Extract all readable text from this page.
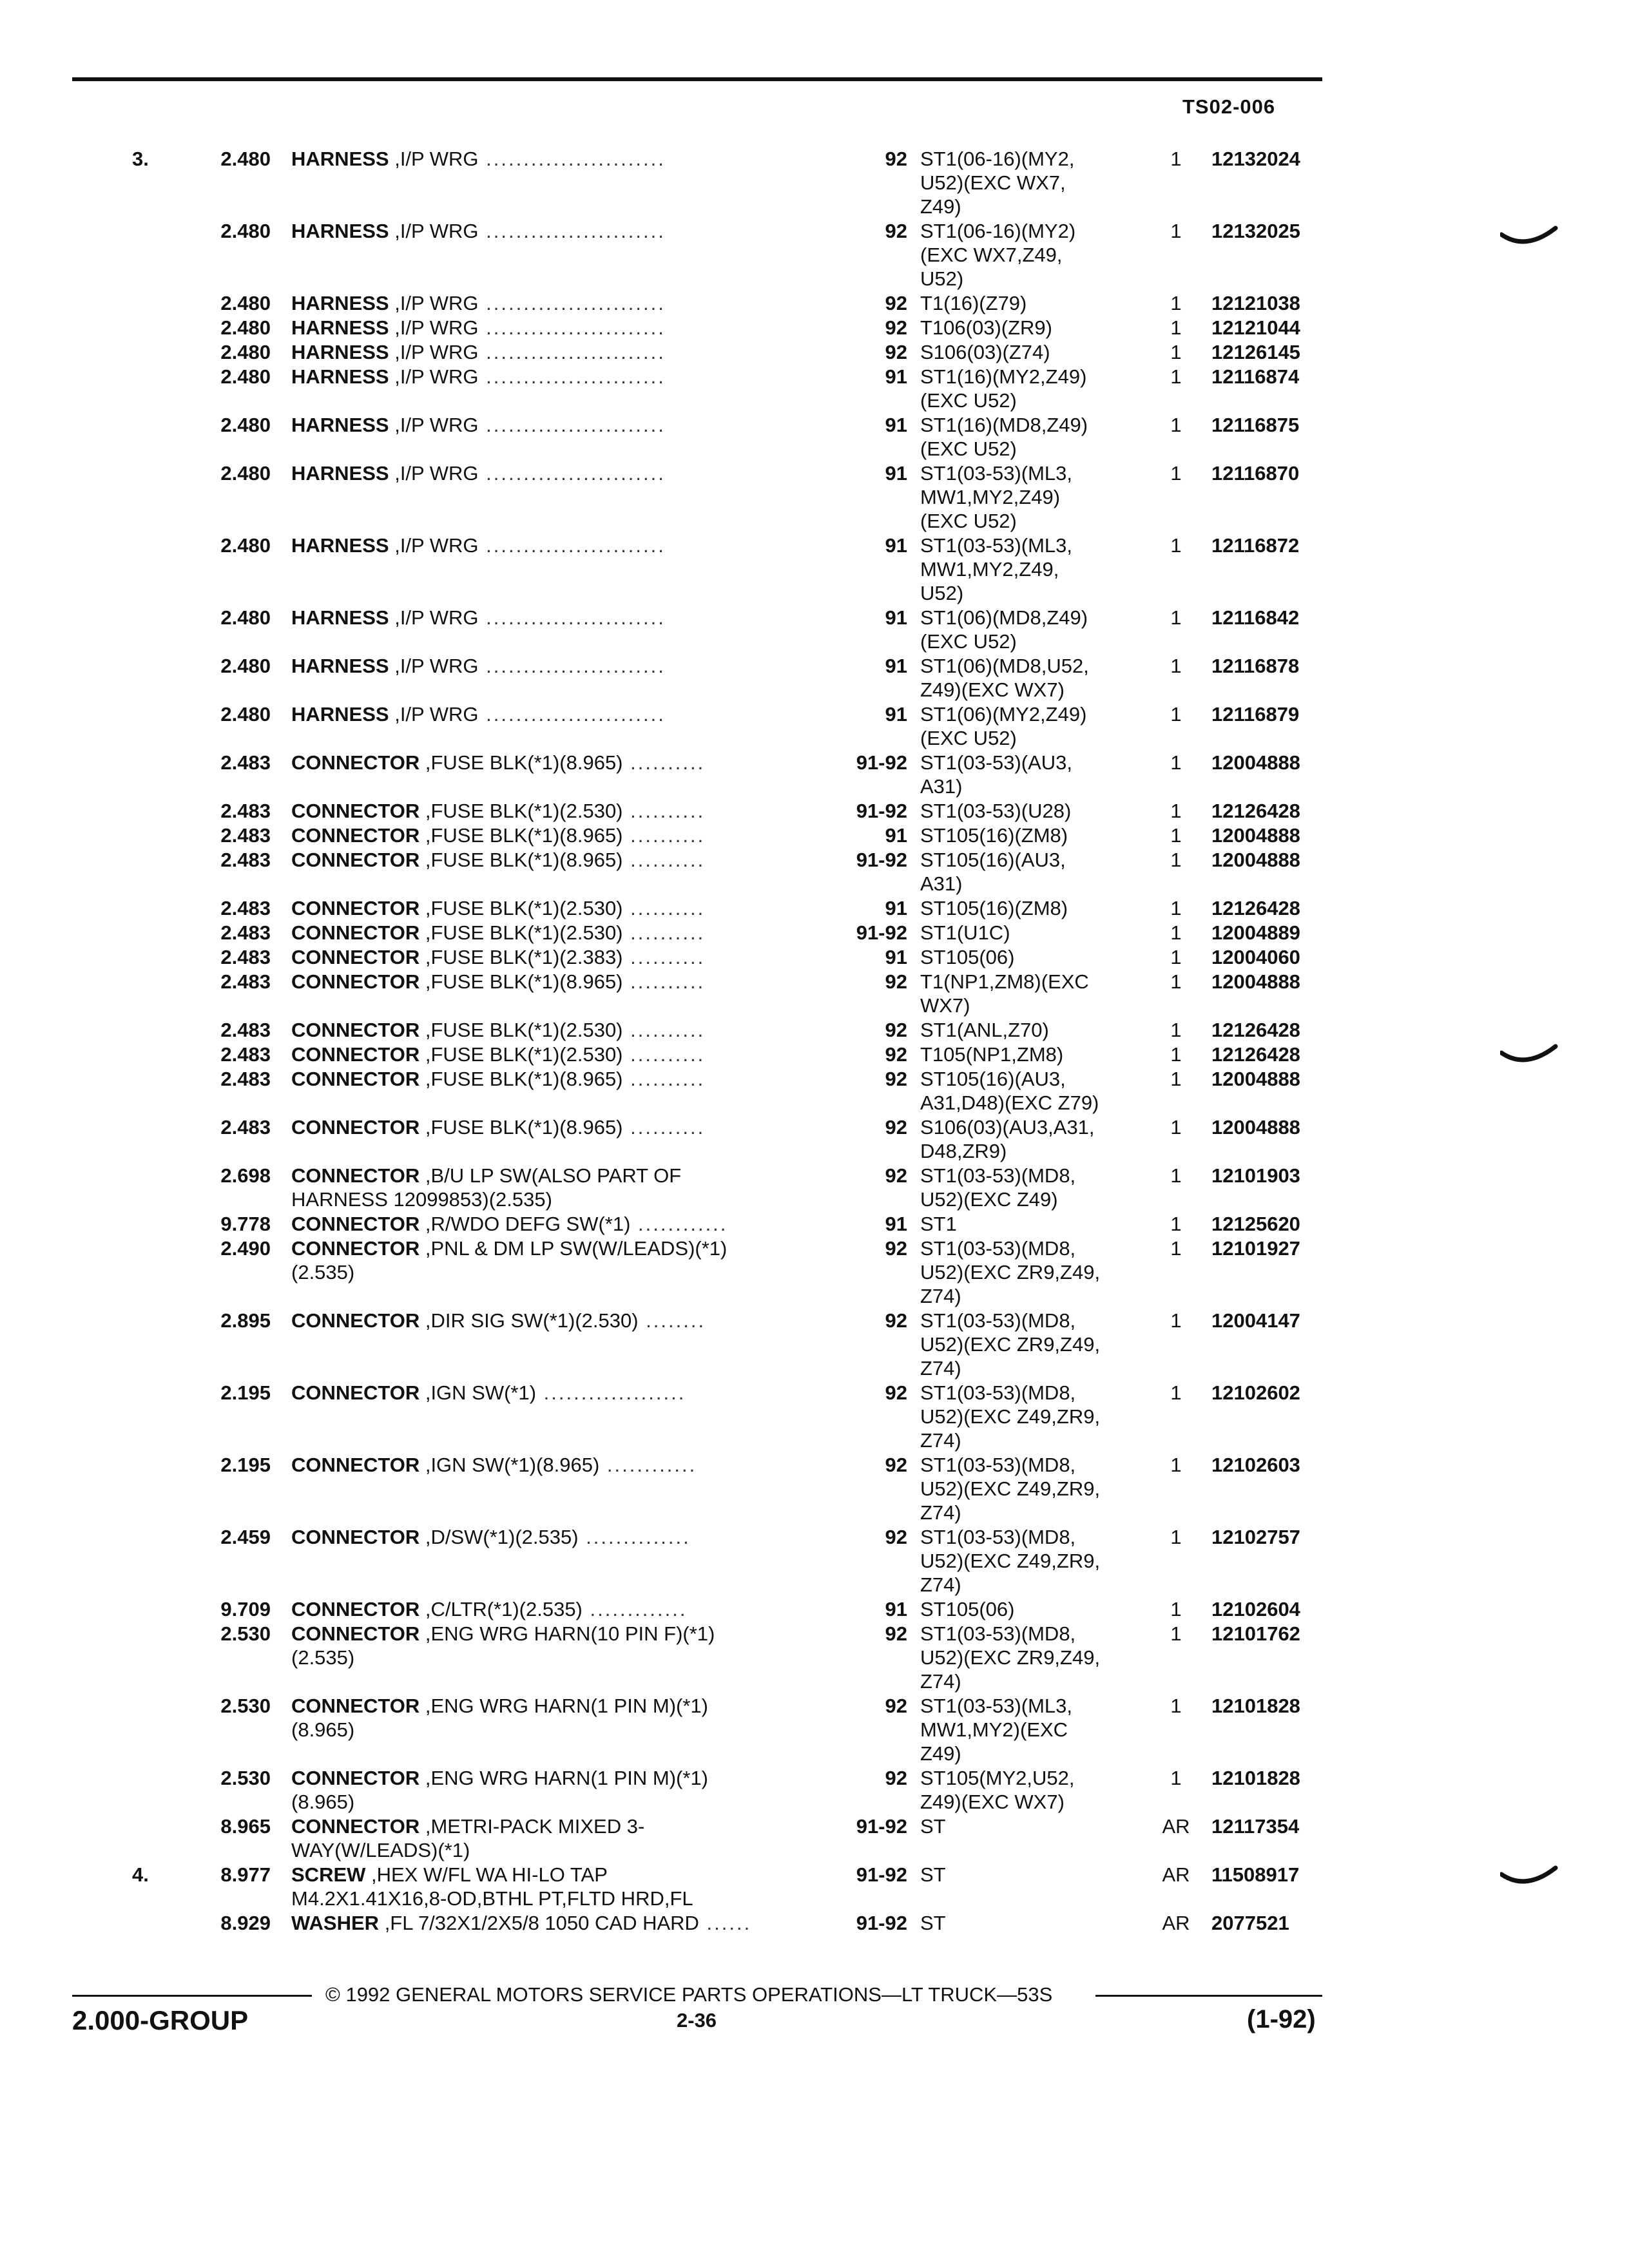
TS02-006
3.	2.480 HARNESS ,I/P WRG ........................	92 ST1(06-16)(MY2,
U52)(EXC WX7,
Z49)
1	12132024
2.480 HARNESS ,I/P WRG ........................	92 ST1(06-16)(MY2)
(EXC WX7,Z49,
U52)
1	12132025
2.480 HARNESS ,I/P WRG ........................	92 T1(16)(Z79)	1	12121038
2.480 HARNESS ,I/P WRG ........................	92 T106(03)(ZR9)	1	12121044
2.480 HARNESS ,I/P WRG ........................	92 S106(03)(Z74)	1	12126145
2.480 HARNESS ,I/P WRG ........................	91 ST1(16)(MY2,Z49)
(EXC U52)
1	12116874
2.480 HARNESS ,I/P WRG ........................	91 ST1(16)(MD8,Z49)
(EXC U52)
1	12116875
2.480 HARNESS ,I/P WRG ........................	91 ST1(03-53)(ML3,
MW1,MY2,Z49)
(EXC U52)
1	12116870
2.480 HARNESS ,I/P WRG ........................	91 ST1(03-53)(ML3,
MW1,MY2,Z49,
U52)
1	12116872
2.480 HARNESS ,I/P WRG ........................	91 ST1(06)(MD8,Z49)
(EXC U52)
1	12116842
2.480 HARNESS ,I/P WRG ........................	91 ST1(06)(MD8,U52,
Z49)(EXC WX7)
1	12116878
2.480 HARNESS ,I/P WRG ........................	91 ST1(06)(MY2,Z49)
(EXC U52)
1	12116879
2.483 CONNECTOR ,FUSE BLK(*1)(8.965) ..........	91-92 ST1(03-53)(AU3,
A31)
1	12004888
2.483 CONNECTOR ,FUSE BLK(*1)(2.530) ..........	91-92 ST1(03-53)(U28)	1	12126428
2.483 CONNECTOR ,FUSE BLK(*1)(8.965) ..........	91 ST105(16)(ZM8)	1	12004888
2.483 CONNECTOR ,FUSE BLK(*1)(8.965) ..........	91-92 ST105(16)(AU3,
A31)
1	12004888
2.483 CONNECTOR ,FUSE BLK(*1)(2.530) ..........	91 ST105(16)(ZM8)	1	12126428
2.483 CONNECTOR ,FUSE BLK(*1)(2.530) ..........	91-92 ST1(U1C)	1	12004889
2.483 CONNECTOR ,FUSE BLK(*1)(2.383) ..........	91 ST105(06)	1	12004060
2.483 CONNECTOR ,FUSE BLK(*1)(8.965) ..........	92 T1(NP1,ZM8)(EXC
WX7)
1	12004888
2.483 CONNECTOR ,FUSE BLK(*1)(2.530) ..........	92 ST1(ANL,Z70)	1	12126428
2.483 CONNECTOR ,FUSE BLK(*1)(2.530) ..........	92 T105(NP1,ZM8)	1	12126428
2.483 CONNECTOR ,FUSE BLK(*1)(8.965) ..........	92 ST105(16)(AU3,
A31,D48)(EXC Z79)
1	12004888
2.483 CONNECTOR ,FUSE BLK(*1)(8.965) ..........	92 S106(03)(AU3,A31,
D48,ZR9)
1	12004888
2.698 CONNECTOR ,B/U LP SW(ALSO PART OF
HARNESS 12099853)(2.535)
92 ST1(03-53)(MD8,
U52)(EXC Z49)
1	12101903
9.778 CONNECTOR ,R/WDO DEFG SW(*1) ............	91 ST1	1	12125620
2.490 CONNECTOR ,PNL & DM LP SW(W/LEADS)(*1)
(2.535)
92 ST1(03-53)(MD8,
U52)(EXC ZR9,Z49,
Z74)
1	12101927
2.895 CONNECTOR ,DIR SIG SW(*1)(2.530) ........	92 ST1(03-53)(MD8,
U52)(EXC ZR9,Z49,
Z74)
1	12004147
2.195 CONNECTOR ,IGN SW(*1) ...................	92 ST1(03-53)(MD8,
U52)(EXC Z49,ZR9,
Z74)
1	12102602
2.195 CONNECTOR ,IGN SW(*1)(8.965) ............	92 ST1(03-53)(MD8,
U52)(EXC Z49,ZR9,
Z74)
1	12102603
2.459 CONNECTOR ,D/SW(*1)(2.535) ..............	92 ST1(03-53)(MD8,
U52)(EXC Z49,ZR9,
Z74)
1	12102757
9.709 CONNECTOR ,C/LTR(*1)(2.535) .............	91 ST105(06)	1	12102604
2.530 CONNECTOR ,ENG WRG HARN(10 PIN F)(*1)
(2.535)
92 ST1(03-53)(MD8,
U52)(EXC ZR9,Z49,
Z74)
1	12101762
2.530 CONNECTOR ,ENG WRG HARN(1 PIN M)(*1)
(8.965)
92 ST1(03-53)(ML3,
MW1,MY2)(EXC
Z49)
1	12101828
2.530 CONNECTOR ,ENG WRG HARN(1 PIN M)(*1)
(8.965)
92 ST105(MY2,U52,
Z49)(EXC WX7)
1	12101828
8.965 CONNECTOR ,METRI-PACK MIXED 3-
WAY(W/LEADS)(*1)
91-92 ST	AR	12117354
4.	8.977 SCREW ,HEX W/FL WA HI-LO TAP
M4.2X1.41X16,8-OD,BTHL PT,FLTD HRD,FL
91-92 ST	AR	11508917
8.929 WASHER ,FL 7/32X1/2X5/8 1050 CAD HARD ......	91-92 ST	AR	2077521
© 1992 GENERAL MOTORS SERVICE PARTS OPERATIONS—LT TRUCK—53S
2.000-GROUP	2-36	(1-92)
